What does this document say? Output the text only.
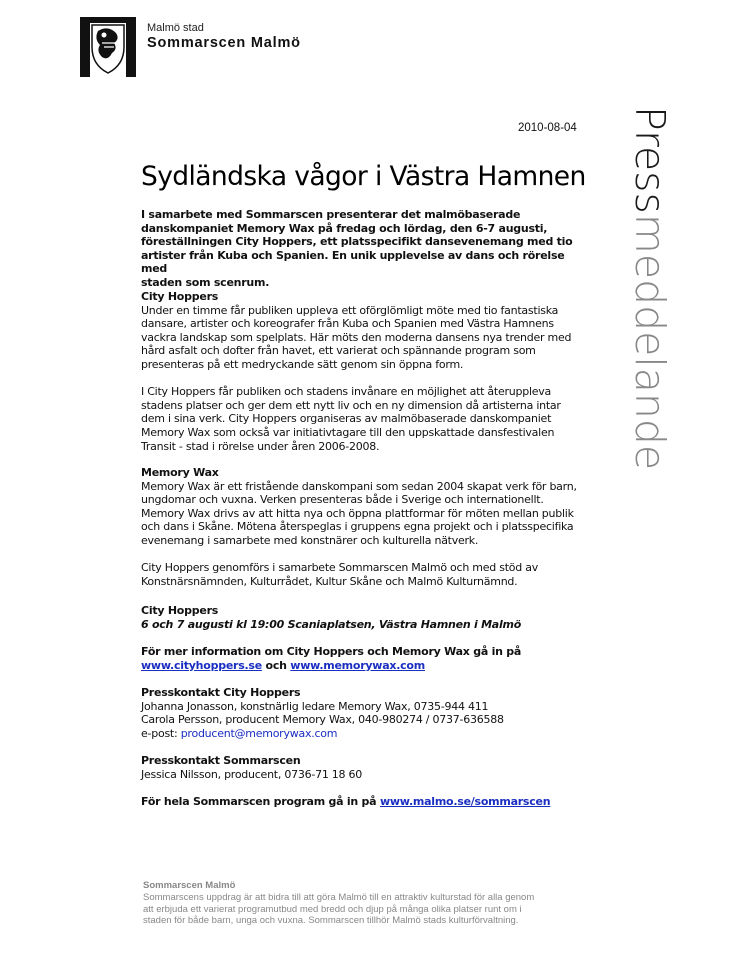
Malmö stad
Sommarscen Malmö
2010-08-04 Pressmeddelande
Sydländska vågor i Västra Hamnen
I samarbete med Sommarscen presenterar det malmöbaserade
danskompaniet Memory Wax på fredag och lördag, den 6-7 augusti,
föreställningen City Hoppers, ett platsspecifikt dansevenemang med tio
artister från Kuba och Spanien. En unik upplevelse av dans och rörelse med
staden som scenrum.
City Hoppers
Under en timme får publiken uppleva ett oförglömligt möte med tio fantastiska
dansare, artister och koreografer från Kuba och Spanien med Västra Hamnens
vackra landskap som spelplats. Här möts den moderna dansens nya trender med
hård asfalt och dofter från havet, ett varierat och spännande program som
presenteras på ett medryckande sätt genom sin öppna form.
I City Hoppers får publiken och stadens invånare en möjlighet att återuppleva
stadens platser och ger dem ett nytt liv och en ny dimension då artisterna intar
dem i sina verk. City Hoppers organiseras av malmöbaserade danskompaniet
Memory Wax som också var initiativtagare till den uppskattade dansfestivalen
Transit - stad i rörelse under åren 2006-2008.
Memory Wax
Memory Wax är ett fristående danskompani som sedan 2004 skapat verk för barn,
ungdomar och vuxna. Verken presenteras både i Sverige och internationellt.
Memory Wax drivs av att hitta nya och öppna plattformar för möten mellan publik
och dans i Skåne. Mötena återspeglas i gruppens egna projekt och i platsspecifika
evenemang i samarbete med konstnärer och kulturella nätverk.
City Hoppers genomförs i samarbete Sommarscen Malmö och med stöd av
Konstnärsnämnden, Kulturrådet, Kultur Skåne och Malmö Kulturnämnd.
City Hoppers
6 och 7 augusti kl 19:00 Scaniaplatsen, Västra Hamnen i Malmö
För mer information om City Hoppers och Memory Wax gå in på
www.cityhoppers.se och www.memorywax.com
Presskontakt City Hoppers
Johanna Jonasson, konstnärlig ledare Memory Wax, 0735-944 411
Carola Persson, producent Memory Wax, 040-980274 / 0737-636588
e-post: producent@memorywax.com
Presskontakt Sommarscen
Jessica Nilsson, producent, 0736-71 18 60
För hela Sommarscen program gå in på www.malmo.se/sommarscen
Sommarscen Malmö
Sommarscens uppdrag är att bidra till att göra Malmö till en attraktiv kulturstad för alla genom
att erbjuda ett varierat programutbud med bredd och djup på många olika platser runt om i
staden för både barn, unga och vuxna. Sommarscen tillhör Malmö stads kulturförvaltning.
